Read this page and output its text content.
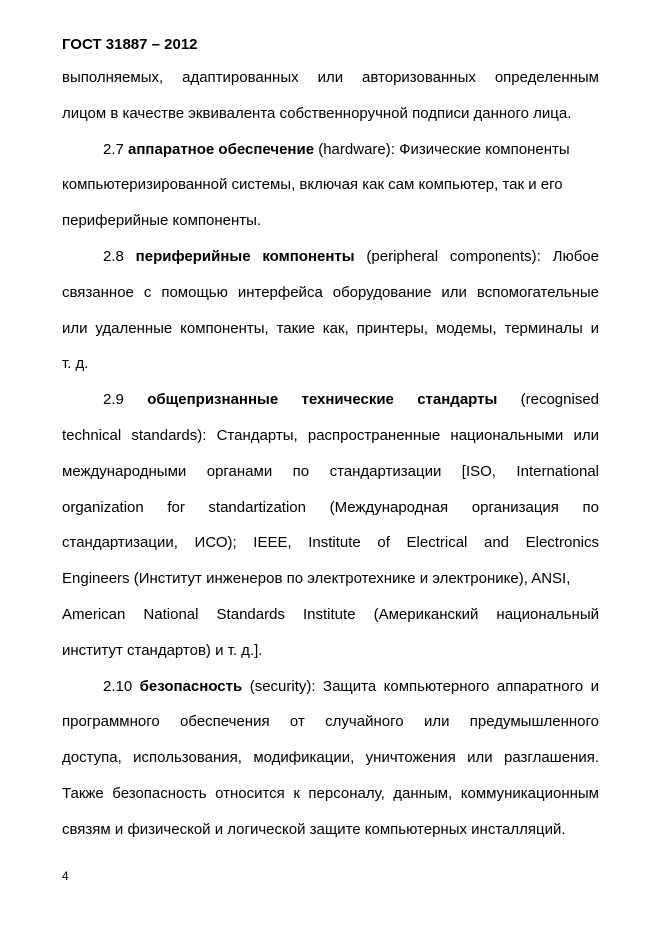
ГОСТ 31887 – 2012
выполняемых, адаптированных или авторизованных определенным
лицом в качестве эквивалента собственноручной подписи данного лица.
2.7 аппаратное обеспечение (hardware): Физические компоненты
компьютеризированной системы, включая как сам компьютер, так и его
периферийные компоненты.
2.8 периферийные компоненты (peripheral components): Любое
связанное с помощью интерфейса оборудование или вспомогательные
или удаленные компоненты, такие как, принтеры, модемы, терминалы и
т. д.
2.9 общепризнанные технические стандарты (recognised
technical standards): Стандарты, распространенные национальными или
международными органами по стандартизации [ISO, International
organization for standartization (Международная организация по
стандартизации, ИСО); IEEE, Institute of Electrical and Electronics
Engineers (Институт инженеров по электротехнике и электронике), ANSI,
American National Standards Institute (Американский национальный
институт стандартов) и т. д.].
2.10 безопасность (security): Защита компьютерного аппаратного и
программного обеспечения от случайного или предумышленного
доступа, использования, модификации, уничтожения или разглашения.
Также безопасность относится к персоналу, данным, коммуникационным
связям и физической и логической защите компьютерных инсталляций.
4
